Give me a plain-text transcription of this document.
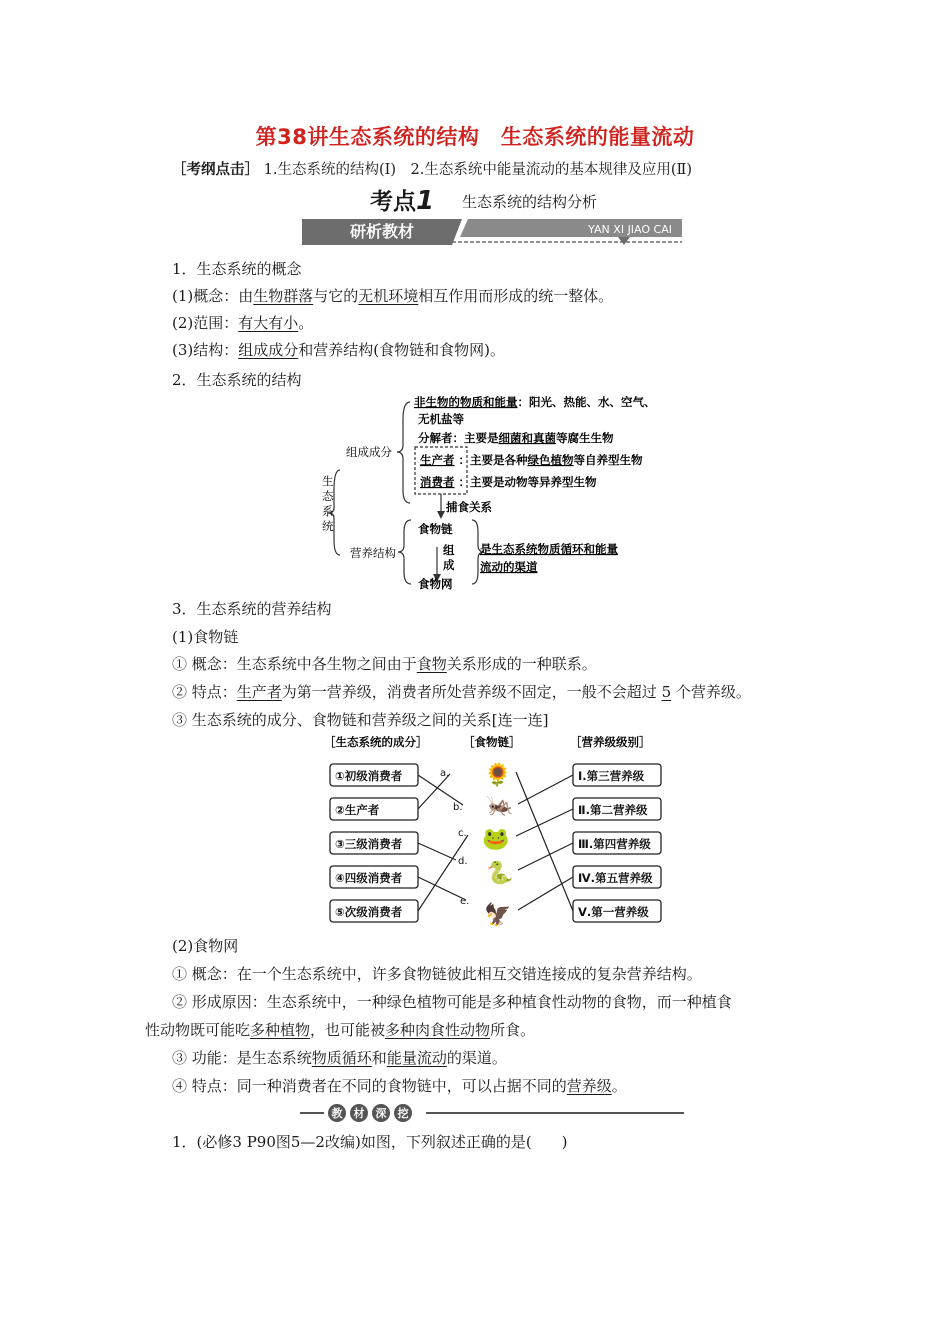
第38讲生态系统的结构　生态系统的能量流动
［考纲点击］ 1.生态系统的结构(Ⅰ)　2.生态系统中能量流动的基本规律及应用(Ⅱ)
考点1 生态系统的结构分析
研析教材	YAN XI JIAO CAI
1．生态系统的概念
(1)概念：由生物群落与它的无机环境相互作用而形成的统一整体。
(2)范围：有大有小。
(3)结构：组成成分和营养结构(食物链和食物网)。
2．生态系统的结构
生
态
系
统
组成成分
营养结构
非生物的物质和能量：阳光、热能、水、空气、
无机盐等
分解者：主要是细菌和真菌等腐生生物
生产者 ：主要是各种绿色植物等自养型生物
消费者 ：主要是动物等异养型生物
捕食关系
食物链
组
成
食物网
是生态系统物质循环和能量
流动的渠道
3．生态系统的营养结构
(1)食物链
① 概念：生态系统中各生物之间由于食物关系形成的一种联系。
② 特点：生产者为第一营养级，消费者所处营养级不固定，一般不会超过 5 个营养级。
③ 生态系统的成分、食物链和营养级之间的关系[连一连]
［生态系统的成分］	［食物链］	［营养级级别］
①初级消费者
②生产者
③三级消费者
④四级消费者
⑤次级消费者
Ⅰ.第三营养级
Ⅱ.第二营养级
Ⅲ.第四营养级
Ⅳ.第五营养级
Ⅴ.第一营养级
a.
b.
c.
d.
e.
🌻
🦗
🐸
🐍
🦅
(2)食物网
① 概念：在一个生态系统中，许多食物链彼此相互交错连接成的复杂营养结构。
② 形成原因：生态系统中，一种绿色植物可能是多种植食性动物的食物，而一种植食
性动物既可能吃多种植物，也可能被多种肉食性动物所食。
③ 功能：是生态系统物质循环和能量流动的渠道。
④ 特点：同一种消费者在不同的食物链中，可以占据不同的营养级。
教 材 深 挖
1．(必修3 P90图5—2改编)如图，下列叙述正确的是(　　)
